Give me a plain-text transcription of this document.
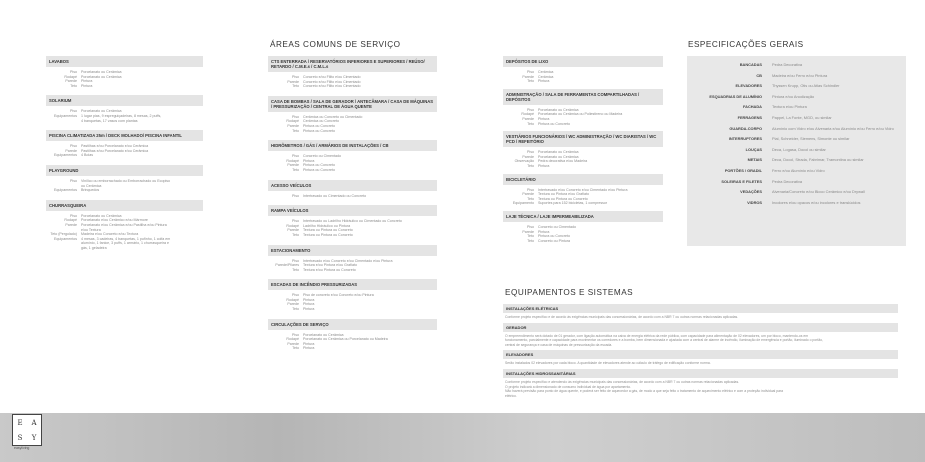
ÁREAS COMUNS DE SERVIÇO	ESPECIFICAÇÕES GERAIS
EQUIPAMENTOS E SISTEMAS
LAVABOS
Piso	Porcelanato ou Cerâmica
Rodapé	Porcelanato ou Cerâmica
Parede	Pintura
Teto	Pintura
SOLARIUM
Piso	Porcelanato ou Cerâmica
Equipamentos	1 lugar pias, 9 espreguiçadeiras, 8 mesas, 2 puffs,
4 banquetas, 17 vasos com plantas
PISCINA CLIMATIZADA 25m / DECK MOLHADO/ PISCINA INFANTIL
Piso	Pastilhas e/ou Porcelanato e/ou Cerâmica
Parede	Pastilhas e/ou Porcelanato e/ou Cerâmica
Equipamentos	4 Boias
PLAYGROUND
Piso	Vinílico ou emborrachado ou Emborrachado ou Ecopiso
ou Cerâmica
Equipamentos	Brinquedos
CHURRASQUEIRA
Piso	Porcelanato ou Cerâmica
Rodapé	Porcelanato e/ou Cerâmico e/ou Mármore
Parede	Porcelanato e/ou Cerâmica e/ou Pastilha e/ou Pintura
e/ou Textura
Teto (Pergolado)	Madeira e/ou Concreto e/ou Textura
Equipamentos	4 mesas, 3 cadeiras, 4 banquetas, 1 pufinho, 1 coifa em
alumínio, 1 fanice, 3 puffs, 1 armário, 1 churrasqueira e
gás, 1 geladeira
CTS ENTERRADA / RESERVATÓRIOS INFERIORES E SUPERIORES / REÚSO/ RETARDO / C.M.E.s / C.M.L.s
Piso	Concreto e/ou Filito e/ou Cimentado
Parede	Concreto e/ou Filito e/ou Cimentado
Teto	Concreto e/ou Filito e/ou Cimentado
CASA DE BOMBAS / SALA DE GERADOR / ANTECÂMARA / CASA DE MÁQUINAS / PRESSURIZAÇÃO / CENTRAL DE ÁGUA QUENTE
Piso	Cerâmica ou Concreto ou Cimentado
Rodapé	Cerâmica ou Concreto
Parede	Pintura ou Concreto
Teto	Pintura ou Concreto
HIDRÔMETROS / GÁS / ARMÁRIOS DE INSTALAÇÕES / CB
Piso	Concreto ou Cimentado
Rodapé	Pintura
Parede	Pintura ou Concreto
Teto	Pintura ou Concreto
ACESSO VEÍCULOS
Piso	Intertravado ou Cimentado ou Concreto
RAMPA VEÍCULOS
Piso	Intertravado ou Ladrilho Hidráulico ou Cimentado ou Concreto
Rodapé	Ladrilho Hidráulico ou Pintura
Parede	Textura ou Pintura ou Concreto
Teto	Textura ou Pintura ou Concreto
ESTACIONAMENTO
Piso	Intertravado e/ou Concreto e/ou Cimentado e/ou Pintura
Parede/Pilares	Textura e/ou Pintura e/ou Grafiato
Teto	Textura e/ou Pintura ou Concreto
ESCADAS DE INCÊNDIO PRESSURIZADAS
Piso	Piso de concreto e/ou Concreto e/ou Pintura
Rodapé	Pintura
Parede	Pintura
Teto	Pintura
CIRCULAÇÕES DE SERVIÇO
Piso	Porcelanato ou Cerâmica
Rodapé	Porcelanato ou Cerâmica ou Porcelanato ou Madeira
Parede	Pintura
Teto	Pintura
DEPÓSITOS DE LIXO
Piso	Cerâmica
Parede	Cerâmica
Teto	Pintura
ADMINISTRAÇÃO / SALA DE FERRAMENTAS COMPARTILHADAS / DEPÓSITOS
Piso	Porcelanato ou Cerâmica
Rodapé	Porcelanato ou Cerâmica ou Poliestireno ou Madeira
Parede	Pintura
Teto	Pintura ou Concreto
VESTIÁRIOS FUNCIONÁRIOS / WC ADMINISTRAÇÃO / WC DIARISTAS / WC PCD / REFEITÓRIO
Piso	Porcelanato ou Cerâmica
Parede	Porcelanato ou Cerâmica
Observação	Pedra decorativa e/ou Madeira
Teto	Pintura
BICICLETÁRIO
Piso	Intertravado e/ou Concreto e/ou Cimentado e/ou Pintura
Parede	Textura ou Pintura e/ou Grafiato
Teto	Textura ou Pintura ou Concreto
Equipamento	Suportes para 152 bicicletas, 1 compressor
LAJE TÉCNICA / LAJE IMPERMEABILIZADA
Piso	Concreto ou Cimentado
Parede	Pintura
Teto	Pintura ou Concreto
Teto	Concreto ou Pintura
BANCADAS	Pedra Decorativa
CB	Madeira e/ou Ferro e/ou Pintura
ELEVADORES	Thyssen Krupp, Otis ou Atlas Schindler
ESQUADRIAS DE ALUMÍNIO	Pintura e/ou Anodização
FACHADA	Textura e/ou Pintura
FERRAGENS	Pappel, La Fonte, MGD, ou similar
GUARDA-CORPO	Alumínio com Vidro e/ou Alvenaria e/ou Alumínio e/ou Ferro e/ou Vidro
INTERRUPTORES	Pial, Schneider, Siemens, Simonte ou similar
LOUÇAS	Deca, Logasa, Docol ou similar
METAIS	Deca, Docol, Strada, Fabrimar, Tramontina ou similar
PORTÕES / GRADIL	Ferro e/ou Alumínio e/ou Vidro
SOLEIRAS E FILETES	Pedra Decorativa
VEDAÇÕES	Alvenaria/Concreto e/ou Bloco Cerâmico e/ou Drywall
VIDROS	Incolores e/ou opacos e/ou incolores e translúcidos
INSTALAÇÕES ELÉTRICAS
Conforme projeto específico e de acordo às exigências municipais das concessionárias, de acordo com a NBR 7 ou outras normas relacionadas aplicadas.
GERADOR
O empreendimento será dotado de 01 gerador, com ligação automática na caixa de energia elétrica da rede pública, com capacidade para alimentação de 02 elevadores, um por bloco, mantendo-os em
funcionamento, parcialmente e capacidade para movimentar os corredores e a bomba, bem dimensionada e ajustada com a central de alarme de incêndio, iluminação de emergência e portão, iluminado o portão,
central de segurança e casa de máquinas de pressurização da escada.
ELEVADORES
Serão instalados 02 elevadores por cada bloco. A quantidade de elevadores atende ao cálculo de tráfego de edificação conforme norma.
INSTALAÇÕES HIDROSSANITÁRIAS
Conforme projeto específico e atendendo às exigências municipais das concessionárias, de acordo com a NBR 7 ou outras normas relacionadas aplicadas.
O projeto indicará a dimensionado de consumo individual de água por apartamento.
Não haverá previsão para ponto de água quente, e poderá ser feito de aquecedor a gás, de modo a que seja feito o tratamento de aquecimento elétrico e com a proteção individual para
elétrico.
E A
S Y
easyliving
